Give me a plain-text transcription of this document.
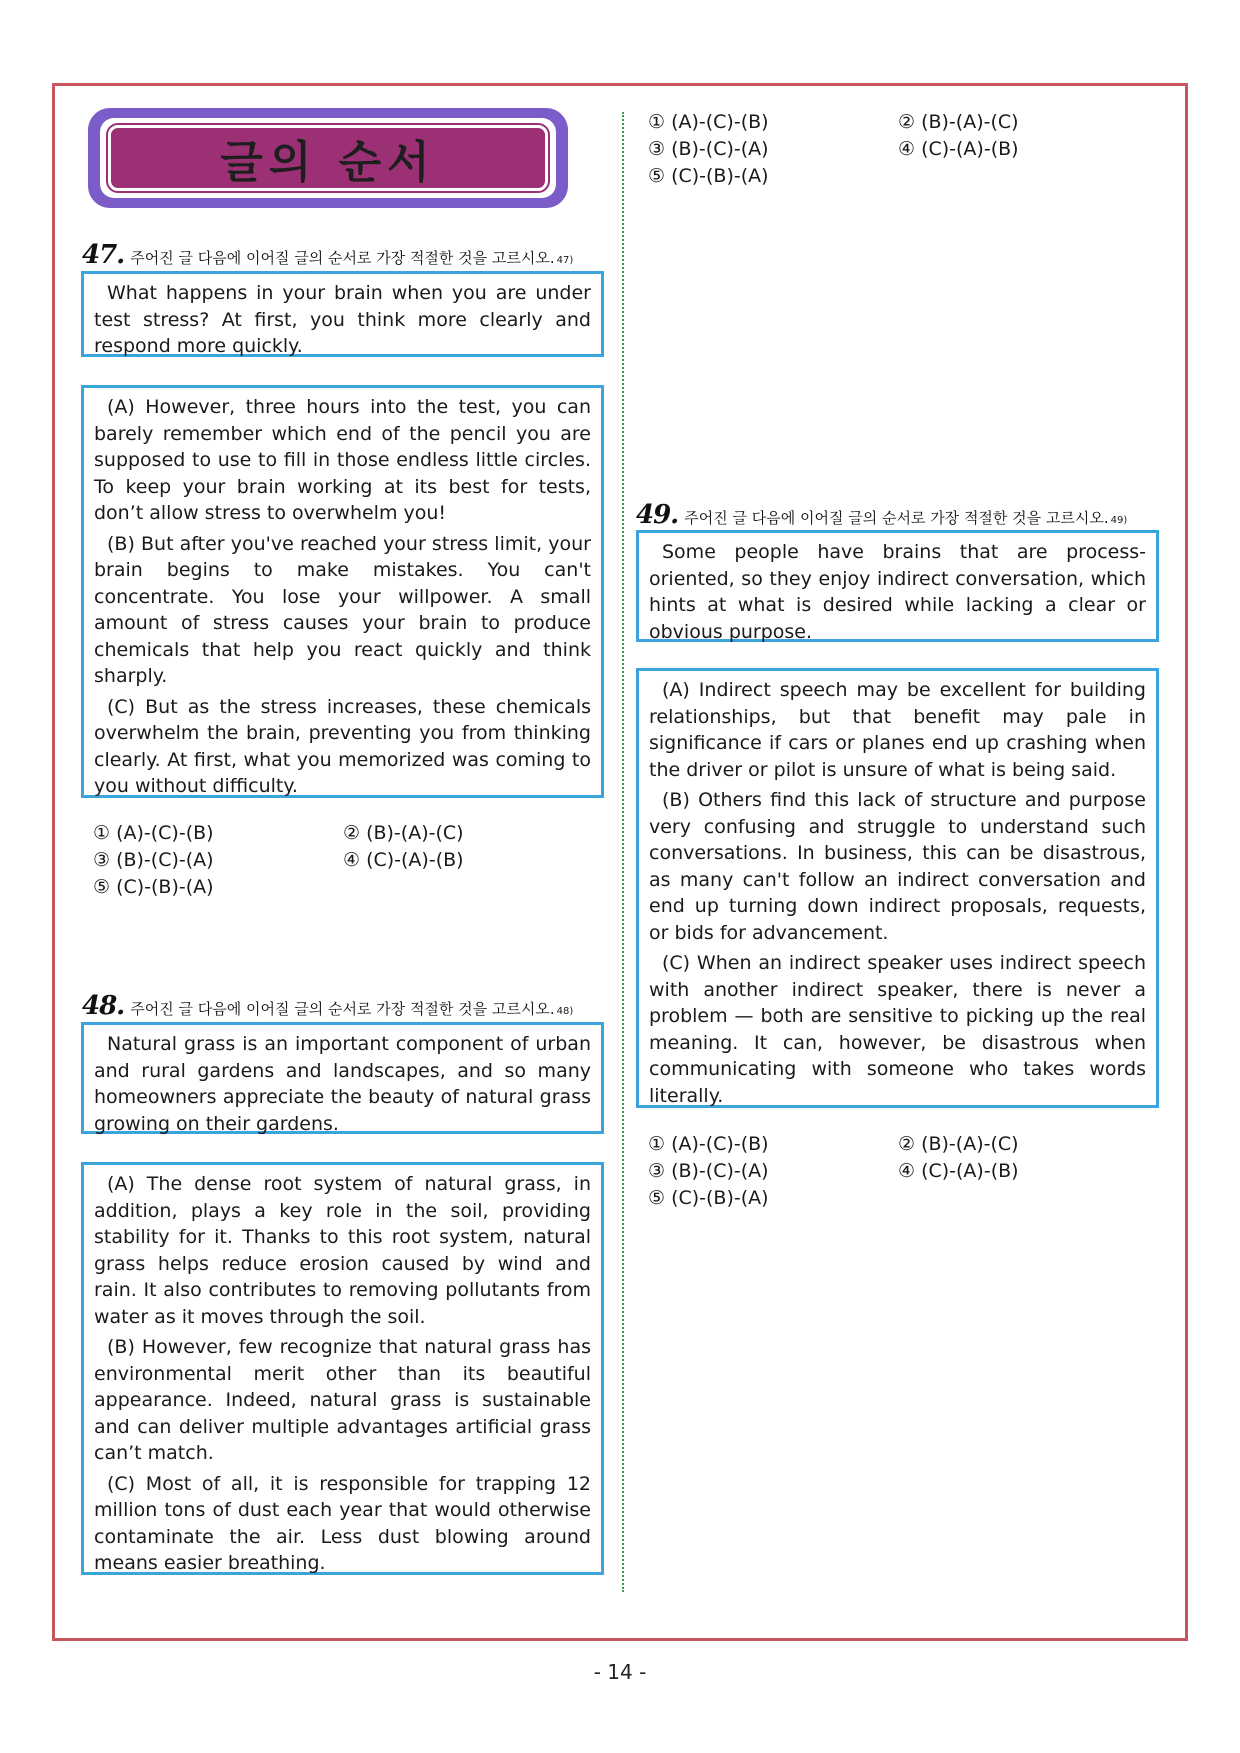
글의 순서
47. 주어진 글 다음에 이어질 글의 순서로 가장 적절한 것을 고르시오. 47)

What happens in your brain when you are under test stress? At first, you think more clearly and respond more quickly.

(A) However, three hours into the test, you can barely remember which end of the pencil you are supposed to use to fill in those endless little circles. To keep your brain working at its best for tests, don’t allow stress to overwhelm you!

(B) But after you've reached your stress limit, your brain begins to make mistakes. You can't concentrate. You lose your willpower. A small amount of stress causes your brain to produce chemicals that help you react quickly and think sharply.

(C) But as the stress increases, these chemicals overwhelm the brain, preventing you from thinking clearly. At first, what you memorized was coming to you without difficulty.

① (A)-(C)-(B)	② (B)-(A)-(C)
③ (B)-(C)-(A)	④ (C)-(A)-(B)
⑤ (C)-(B)-(A)
48. 주어진 글 다음에 이어질 글의 순서로 가장 적절한 것을 고르시오. 48)

Natural grass is an important component of urban and rural gardens and landscapes, and so many homeowners appreciate the beauty of natural grass growing on their gardens.

(A) The dense root system of natural grass, in addition, plays a key role in the soil, providing stability for it. Thanks to this root system, natural grass helps reduce erosion caused by wind and rain. It also contributes to removing pollutants from water as it moves through the soil.

(B) However, few recognize that natural grass has environmental merit other than its beautiful appearance. Indeed, natural grass is sustainable and can deliver multiple advantages artificial grass can’t match.

(C) Most of all, it is responsible for trapping 12 million tons of dust each year that would otherwise contaminate the air. Less dust blowing around means easier breathing.

① (A)-(C)-(B)	② (B)-(A)-(C)
③ (B)-(C)-(A)	④ (C)-(A)-(B)
⑤ (C)-(B)-(A)
49. 주어진 글 다음에 이어질 글의 순서로 가장 적절한 것을 고르시오. 49)

Some people have brains that are process-oriented, so they enjoy indirect conversation, which hints at what is desired while lacking a clear or obvious purpose.

(A) Indirect speech may be excellent for building relationships, but that benefit may pale in significance if cars or planes end up crashing when the driver or pilot is unsure of what is being said.

(B) Others find this lack of structure and purpose very confusing and struggle to understand such conversations. In business, this can be disastrous, as many can't follow an indirect conversation and end up turning down indirect proposals, requests, or bids for advancement.

(C) When an indirect speaker uses indirect speech with another indirect speaker, there is never a problem — both are sensitive to picking up the real meaning. It can, however, be disastrous when communicating with someone who takes words literally.

① (A)-(C)-(B)	② (B)-(A)-(C)
③ (B)-(C)-(A)	④ (C)-(A)-(B)
⑤ (C)-(B)-(A)
- 14 -
